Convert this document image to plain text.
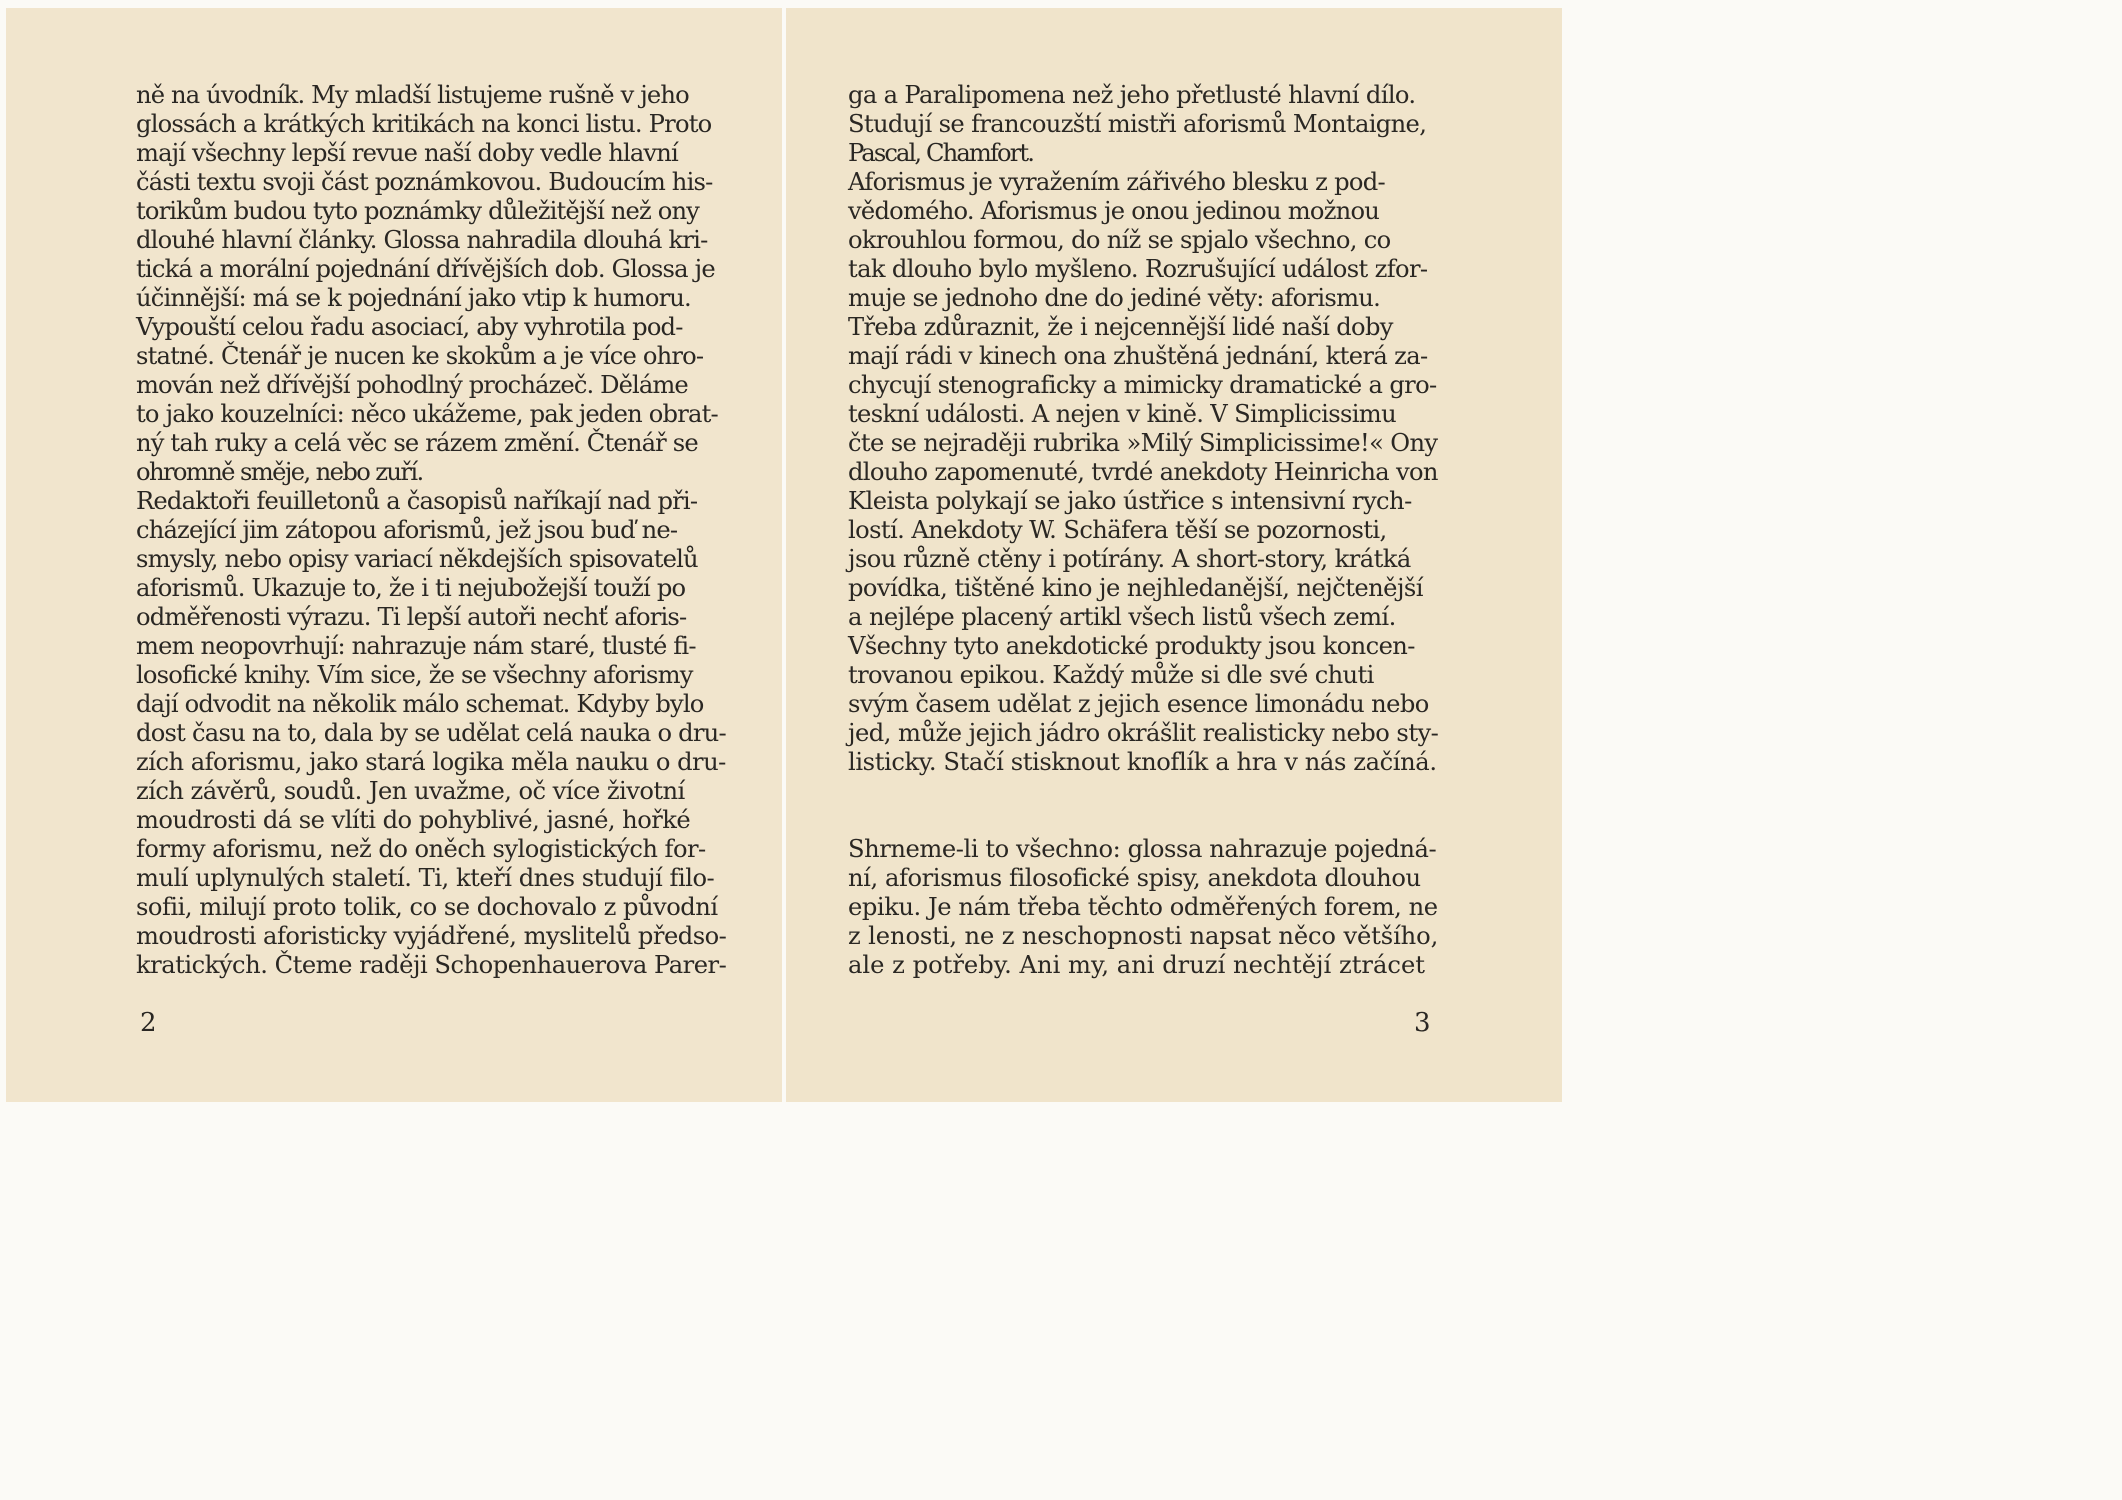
ně na úvodník. My mladší listujeme rušně v jeho
glossách a krátkých kritikách na konci listu. Proto
mají všechny lepší revue naší doby vedle hlavní
části textu svoji část poznámkovou. Budoucím his-
torikům budou tyto poznámky důležitější než ony
dlouhé hlavní články. Glossa nahradila dlouhá kri-
tická a morální pojednání dřívějších dob. Glossa je
účinnější: má se k pojednání jako vtip k humoru.
Vypouští celou řadu asociací, aby vyhrotila pod-
statné. Čtenář je nucen ke skokům a je více ohro-
mován než dřívější pohodlný procházeč. Děláme
to jako kouzelníci: něco ukážeme, pak jeden obrat-
ný tah ruky a celá věc se rázem změní. Čtenář se
ohromně směje, nebo zuří.
Redaktoři feuilletonů a časopisů naříkají nad při-
cházející jim zátopou aforismů, jež jsou buď ne-
smysly, nebo opisy variací někdejších spisovatelů
aforismů. Ukazuje to, že i ti nejubožejší touží po
odměřenosti výrazu. Ti lepší autoři nechť aforis-
mem neopovrhují: nahrazuje nám staré, tlusté fi-
losofické knihy. Vím sice, že se všechny aforismy
dají odvodit na několik málo schemat. Kdyby bylo
dost času na to, dala by se udělat celá nauka o dru-
zích aforismu, jako stará logika měla nauku o dru-
zích závěrů, soudů. Jen uvažme, oč více životní
moudrosti dá se vlíti do pohyblivé, jasné, hořké
formy aforismu, než do oněch sylogistických for-
mulí uplynulých staletí. Ti, kteří dnes studují filo-
sofii, milují proto tolik, co se dochovalo z původní
moudrosti aforisticky vyjádřené, myslitelů předso-
kratických. Čteme raději Schopenhauerova Parer-
2
ga a Paralipomena než jeho přetlusté hlavní dílo.
Studují se francouzští mistři aforismů Montaigne,
Pascal, Chamfort.
Aforismus je vyražením zářivého blesku z pod-
vědomého. Aforismus je onou jedinou možnou
okrouhlou formou, do níž se spjalo všechno, co
tak dlouho bylo myšleno. Rozrušující událost zfor-
muje se jednoho dne do jediné věty: aforismu.
Třeba zdůraznit, že i nejcennější lidé naší doby
mají rádi v kinech ona zhuštěná jednání, která za-
chycují stenograficky a mimicky dramatické a gro-
teskní události. A nejen v kině. V Simplicissimu
čte se nejraději rubrika »Milý Simplicissime!« Ony
dlouho zapomenuté, tvrdé anekdoty Heinricha von
Kleista polykají se jako ústřice s intensivní rych-
lostí. Anekdoty W. Schäfera těší se pozornosti,
jsou různě ctěny i potírány. A short-story, krátká
povídka, tištěné kino je nejhledanější, nejčtenější
a nejlépe placený artikl všech listů všech zemí.
Všechny tyto anekdotické produkty jsou koncen-
trovanou epikou. Každý může si dle své chuti
svým časem udělat z jejich esence limonádu nebo
jed, může jejich jádro okrášlit realisticky nebo sty-
listicky. Stačí stisknout knoflík a hra v nás začíná.
Shrneme-li to všechno: glossa nahrazuje pojedná-
ní, aforismus filosofické spisy, anekdota dlouhou
epiku. Je nám třeba těchto odměřených forem, ne
z lenosti, ne z neschopnosti napsat něco většího,
ale z potřeby. Ani my, ani druzí nechtějí ztrácet
3
